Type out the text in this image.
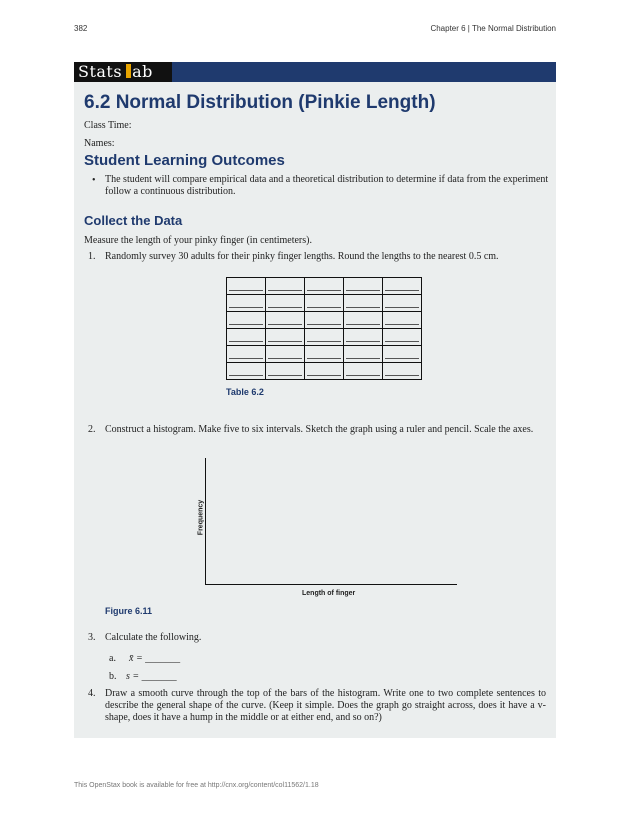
382	Chapter 6 | The Normal Distribution
Stats ab
6.2 Normal Distribution (Pinkie Length)
Class Time:
Names:
Student Learning Outcomes
• The student will compare empirical data and a theoretical distribution to determine if data from the experiment follow a continuous distribution.
Collect the Data
Measure the length of your pinky finger (in centimeters).
1. Randomly survey 30 adults for their pinky finger lengths. Round the lengths to the nearest 0.5 cm.

Table 6.2
2. Construct a histogram. Make five to six intervals. Sketch the graph using a ruler and pencil. Scale the axes.
Frequency
Length of finger
Figure 6.11
3. Calculate the following.
a. x̄ = _______
b. s = _______
4. Draw a smooth curve through the top of the bars of the histogram. Write one to two complete sentences to describe the general shape of the curve. (Keep it simple. Does the graph go straight across, does it have a v-shape, does it have a hump in the middle or at either end, and so on?)
This OpenStax book is available for free at http://cnx.org/content/col11562/1.18
